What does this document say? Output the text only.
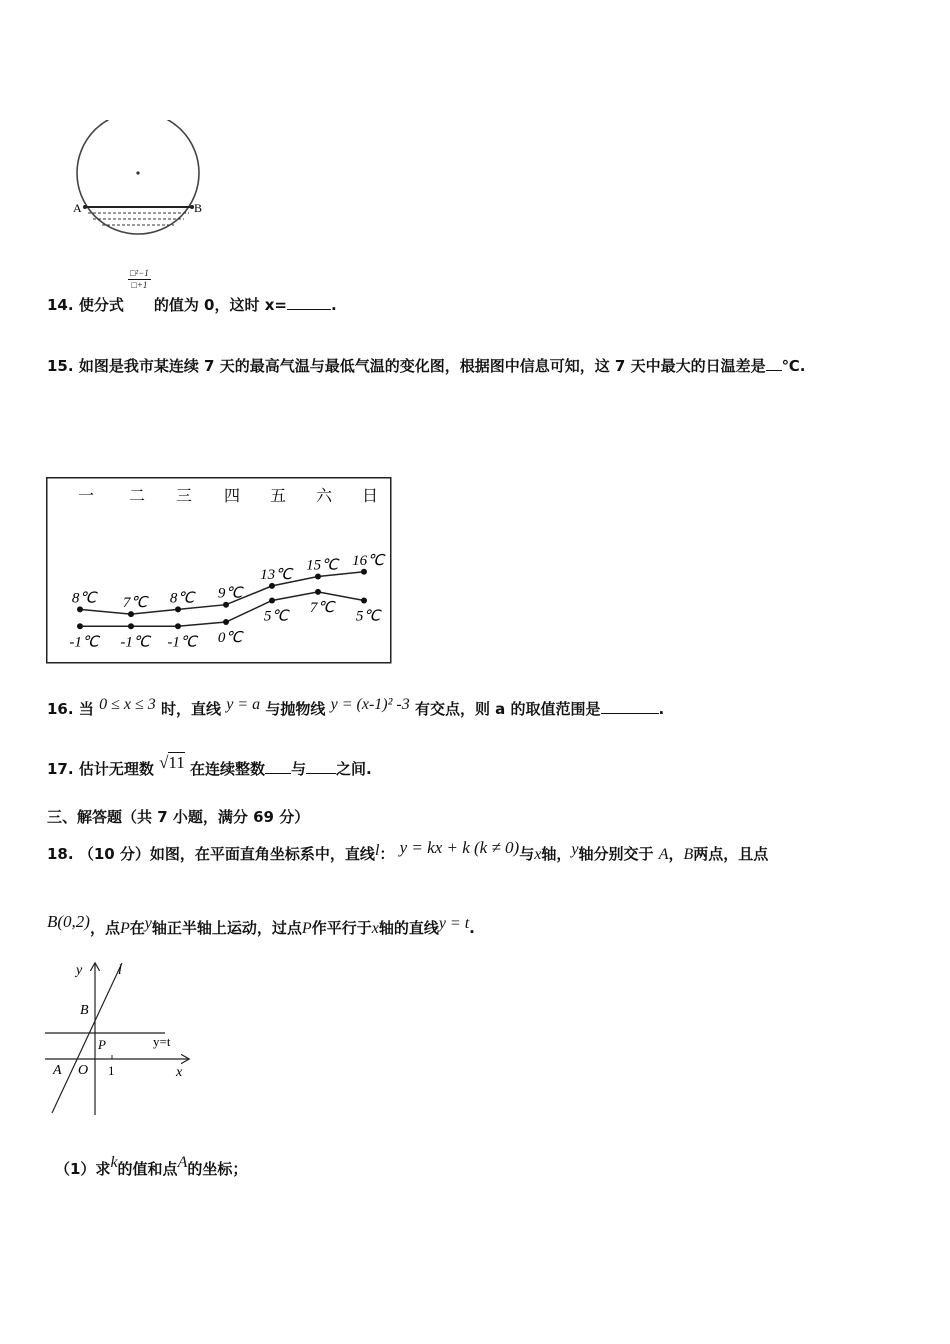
A	B
$\frac{\text{□²−1}}{□+1}$
14. 使分式 的值为 0，这时 x=	.
15. 如图是我市某连续 7 天的最高气温与最低气温的变化图，根据图中信息可知，这 7 天中最大的日温差是 ℃.
一 二 三 四 五 六 日
8℃ 7℃ 8℃ 9℃
13℃
15℃ 16℃
-1℃ -1℃ -1℃ 0℃
5℃
7℃
5℃
16. 当 0 ≤ x ≤ 3 时，直线 y = a 与抛物线 y = (x-1)² -3 有交点，则 a 的取值范围是	.
17. 估计无理数 √11 在连续整数 与 之间.
三、解答题（共 7 小题，满分 69 分）
18. （10 分）如图，在平面直角坐标系中，直线l： y = kx + k (k ≠ 0)与x轴，y轴分别交于 A，B两点，且点
B(0,2)，点P在y轴正半轴上运动，过点P作平行于x轴的直线y = t.
y	l
B
P	y=t
A O 1	x
（1）求k的值和点A的坐标；
